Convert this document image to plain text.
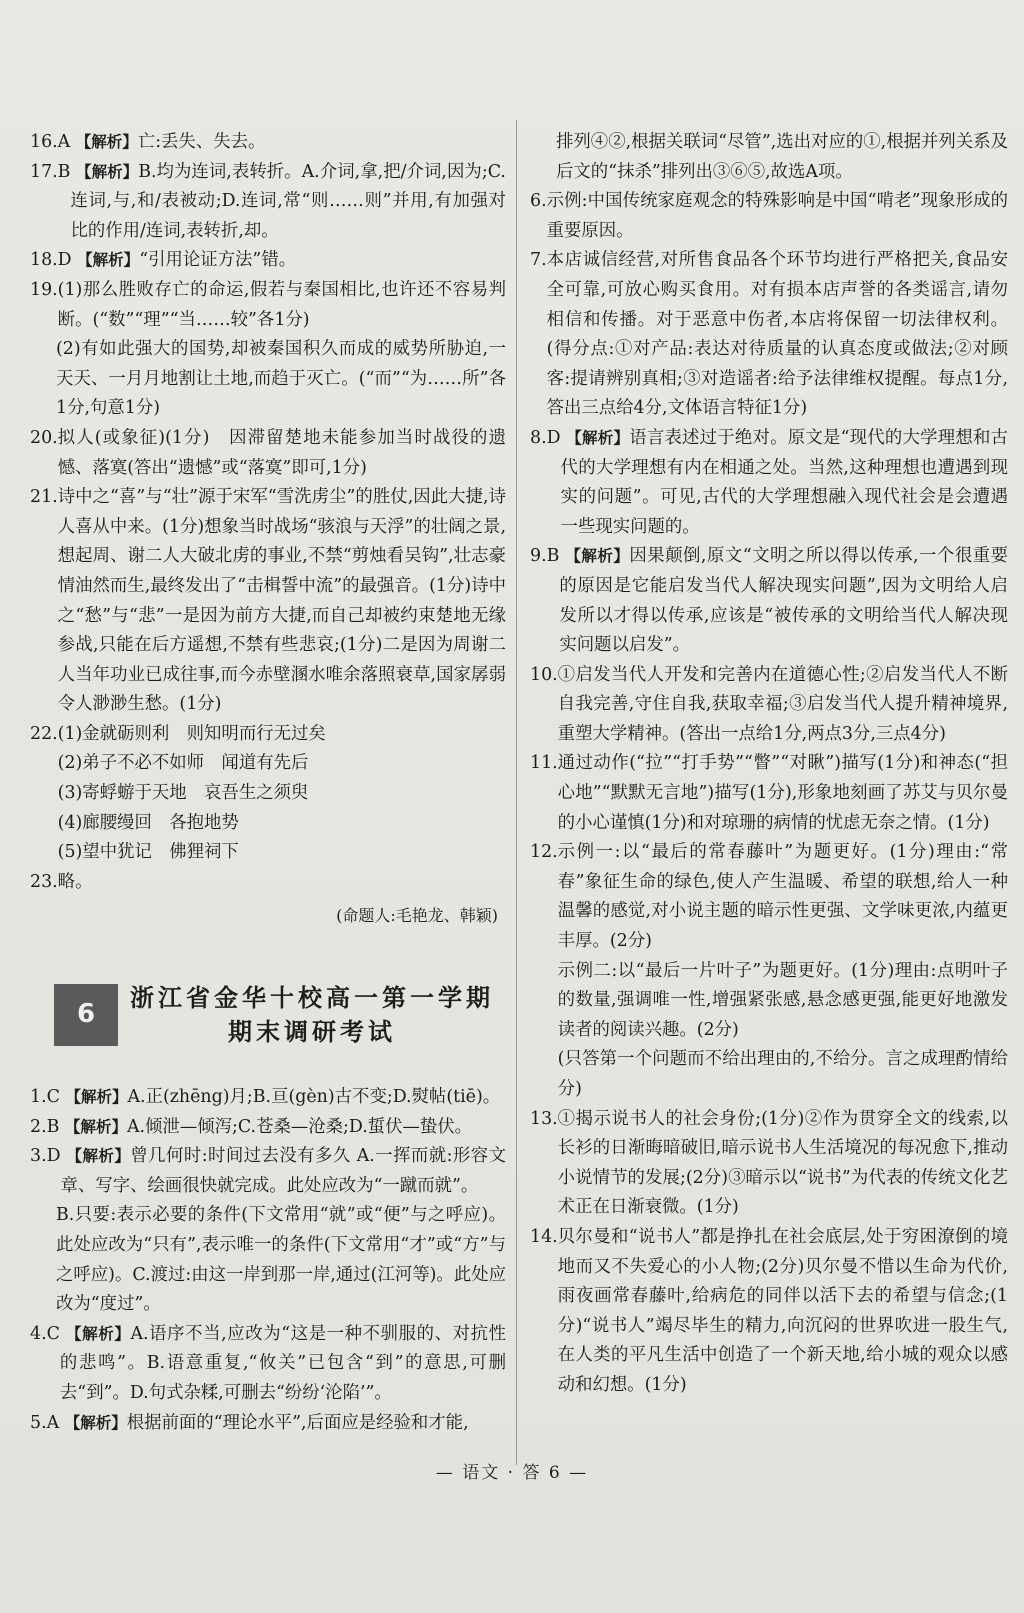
16.A	【 解析 】 亡:丢失、失去。
17.B	【 解析 】 B.均为连词,表转折。A.介词,拿,把/介词,因为;C.连词,与,和/表被动;D.连词,常“则……则”并用,有加强对比的作用/连词,表转折,却。
18.D	【 解析 】 “引用论证方法”错。
19. (1)那么胜败存亡的命运,假若与秦国相比,也许还不容易判断。(“数”“理”“当……较”各1分)
(2)有如此强大的国势,却被秦国积久而成的威势所胁迫,一天天、一月月地割让土地,而趋于灭亡。(“而”“为……所”各1分,句意1分)
20. 拟人(或象征)(1分)　因滞留楚地未能参加当时战役的遗憾、落寞(答出“遗憾”或“落寞”即可,1分)
21. 诗中之“喜”与“壮”源于宋军“雪洗虏尘”的胜仗,因此大捷,诗人喜从中来。(1分)想象当时战场“骇浪与天浮”的壮阔之景,想起周、谢二人大破北虏的事业,不禁“剪烛看吴钩”,壮志豪情油然而生,最终发出了“击楫誓中流”的最强音。(1分)诗中之“愁”与“悲”一是因为前方大捷,而自己却被约束楚地无缘参战,只能在后方遥想,不禁有些悲哀;(1分)二是因为周谢二人当年功业已成往事,而今赤壁溷水唯余落照衰草,国家孱弱令人渺渺生愁。(1分)
22. (1)金就砺则利　则知明而行无过矣
(2)弟子不必不如师　闻道有先后
(3)寄蜉蝣于天地　哀吾生之须臾
(4)廊腰缦回　各抱地势
(5)望中犹记　佛狸祠下
23. 略。
(命题人:毛艳龙、韩颖)
6
浙江省金华十校高一第一学期
期末调研考试
1.C	【 解析 】 A.正(zhēng)月;B.亘(gèn)古不变;D.熨帖(tiē)。
2.B	【 解析 】 A.倾泄—倾泻;C.苍桑—沧桑;D.蜇伏—蛰伏。
3.D	【 解析 】 曾几何时:时间过去没有多久 A.一挥而就:形容文章、写字、绘画很快就完成。此处应改为“一蹴而就”。
B.只要:表示必要的条件(下文常用“就”或“便”与之呼应)。此处应改为“只有”,表示唯一的条件(下文常用“才”或“方”与之呼应)。C.渡过:由这一岸到那一岸,通过(江河等)。此处应改为“度过”。
4.C	【 解析 】 A.语序不当,应改为“这是一种不驯服的、对抗性的悲鸣”。B.语意重复,“攸关”已包含“到”的意思,可删去“到”。D.句式杂糅,可删去“纷纷‘沦陷’”。
5.A	【 解析 】 根据前面的“理论水平”,后面应是经验和才能,
排列④②,根据关联词“尽管”,选出对应的①,根据并列关系及后文的“抹杀”排列出③⑥⑤,故选A项。
6. 示例:中国传统家庭观念的特殊影响是中国“啃老”现象形成的重要原因。
7. 本店诚信经营,对所售食品各个环节均进行严格把关,食品安全可靠,可放心购买食用。对有损本店声誉的各类谣言,请勿相信和传播。对于恶意中伤者,本店将保留一切法律权利。(得分点:①对产品:表达对待质量的认真态度或做法;②对顾客:提请辨别真相;③对造谣者:给予法律维权提醒。每点1分,答出三点给4分,文体语言特征1分)
8.D	【 解析 】 语言表述过于绝对。原文是“现代的大学理想和古代的大学理想有内在相通之处。当然,这种理想也遭遇到现实的问题”。可见,古代的大学理想融入现代社会是会遭遇一些现实问题的。
9.B	【 解析 】 因果颠倒,原文“文明之所以得以传承,一个很重要的原因是它能启发当代人解决现实问题”,因为文明给人启发所以才得以传承,应该是“被传承的文明给当代人解决现实问题以启发”。
10. ①启发当代人开发和完善内在道德心性;②启发当代人不断自我完善,守住自我,获取幸福;③启发当代人提升精神境界,重塑大学精神。(答出一点给1分,两点3分,三点4分)
11. 通过动作(“拉”“打手势”“瞥”“对瞅”)描写(1分)和神态(“担心地”“默默无言地”)描写(1分),形象地刻画了苏艾与贝尔曼的小心谨慎(1分)和对琼珊的病情的忧虑无奈之情。(1分)
12. 示例一:以“最后的常春藤叶”为题更好。(1分)理由:“常春”象征生命的绿色,使人产生温暖、希望的联想,给人一种温馨的感觉,对小说主题的暗示性更强、文学味更浓,内蕴更丰厚。(2分)
示例二:以“最后一片叶子”为题更好。(1分)理由:点明叶子的数量,强调唯一性,增强紧张感,悬念感更强,能更好地激发读者的阅读兴趣。(2分)
(只答第一个问题而不给出理由的,不给分。言之成理酌情给分)
13. ①揭示说书人的社会身份;(1分)②作为贯穿全文的线索,以长衫的日渐晦暗破旧,暗示说书人生活境况的每况愈下,推动小说情节的发展;(2分)③暗示以“说书”为代表的传统文化艺术正在日渐衰微。(1分)
14. 贝尔曼和“说书人”都是挣扎在社会底层,处于穷困潦倒的境地而又不失爱心的小人物;(2分)贝尔曼不惜以生命为代价,雨夜画常春藤叶,给病危的同伴以活下去的希望与信念;(1分)“说书人”竭尽毕生的精力,向沉闷的世界吹进一股生气,在人类的平凡生活中创造了一个新天地,给小城的观众以感动和幻想。(1分)
— 语文 · 答 6 —
